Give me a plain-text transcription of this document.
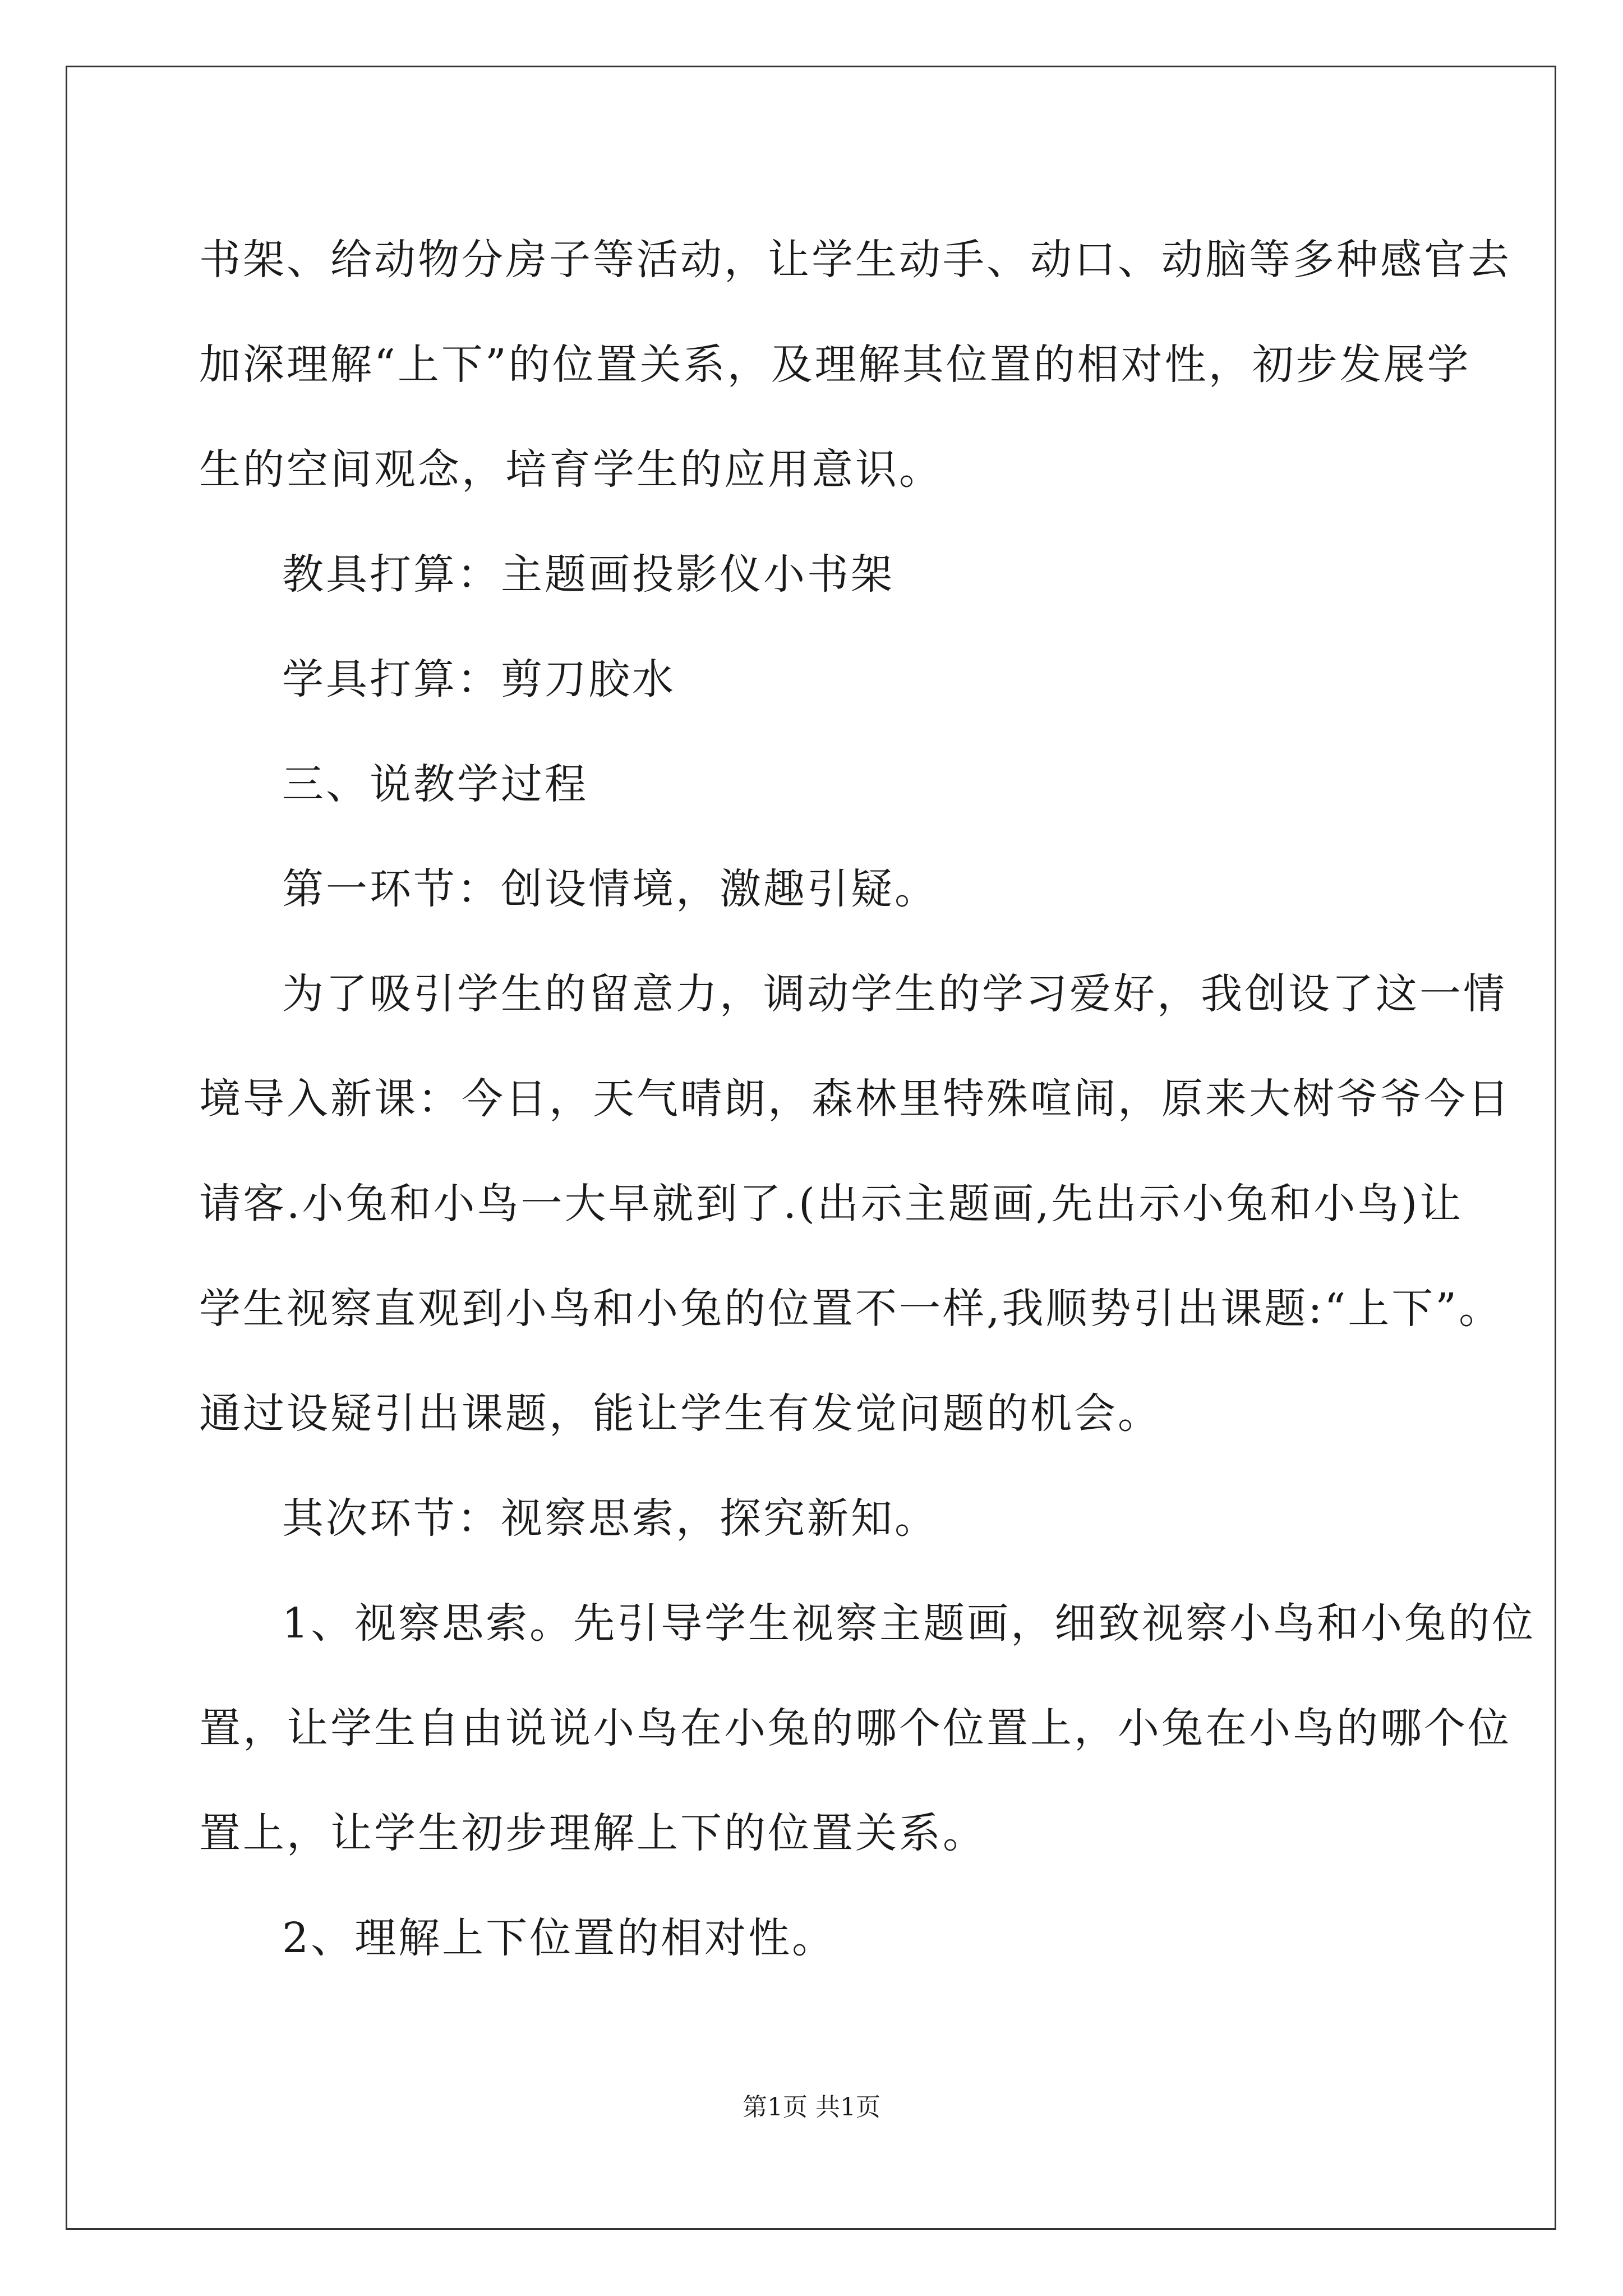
书架、给动物分房子等活动，让学生动手、动口、动脑等多种感官去

加深理解“上下”的位置关系，及理解其位置的相对性，初步发展学

生的空间观念，培育学生的应用意识。

教具打算：主题画投影仪小书架

学具打算：剪刀胶水

三、说教学过程

第一环节：创设情境，激趣引疑。

为了吸引学生的留意力，调动学生的学习爱好，我创设了这一情

境导入新课：今日，天气晴朗，森林里特殊喧闹，原来大树爷爷今日

请客.小兔和小鸟一大早就到了.(出示主题画,先出示小兔和小鸟)让

学生视察直观到小鸟和小兔的位置不一样,我顺势引出课题:“上下”。

通过设疑引出课题，能让学生有发觉问题的机会。

其次环节：视察思索，探究新知。

1、视察思索。先引导学生视察主题画，细致视察小鸟和小兔的位

置，让学生自由说说小鸟在小兔的哪个位置上，小兔在小鸟的哪个位

置上，让学生初步理解上下的位置关系。

2、理解上下位置的相对性。

第1页 共1页
